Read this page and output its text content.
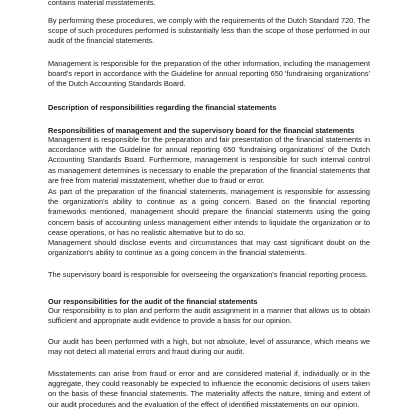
contains material misstatements.

By performing these procedures, we comply with the requirements of the Dutch Standard 720. The scope of such procedures performed is substantially less than the scope of those performed in our audit of the financial statements.

Management is responsible for the preparation of the other information, including the management board's report in accordance with the Guideline for annual reporting 650 'fundraising organizations' of the Dutch Accounting Standards Board.

Description of responsibilities regarding the financial statements

Responsibilities of management and the supervisory board for the financial statements

Management is responsible for the preparation and fair presentation of the financial statements in accordance with the Guideline for annual reporting 650 'fundraising organizations' of the Dutch Accounting Standards Board. Furthermore, management is responsible for such internal control as management determines is necessary to enable the preparation of the financial statements that are free from material misstatement, whether due to fraud or error.

As part of the preparation of the financial statements, management is responsible for assessing the organization's ability to continue as a going concern. Based on the financial reporting frameworks mentioned, management should prepare the financial statements using the going concern basis of accounting unless management either intends to liquidate the organization or to cease operations, or has no realistic alternative but to do so.

Management should disclose events and circumstances that may cast significant doubt on the organization's ability to continue as a going concern in the financial statements.

The supervisory board is responsible for overseeing the organization's financial reporting process.

Our responsibilities for the audit of the financial statements

Our responsibility is to plan and perform the audit assignment in a manner that allows us to obtain sufficient and appropriate audit evidence to provide a basis for our opinion.

Our audit has been performed with a high, but not absolute, level of assurance, which means we may not detect all material errors and fraud during our audit.

Misstatements can arise from fraud or error and are considered material if, individually or in the aggregate, they could reasonably be expected to influence the economic decisions of users taken on the basis of these financial statements. The materiality affects the nature, timing and extent of our audit procedures and the evaluation of the effect of identified misstatements on our opinion.
